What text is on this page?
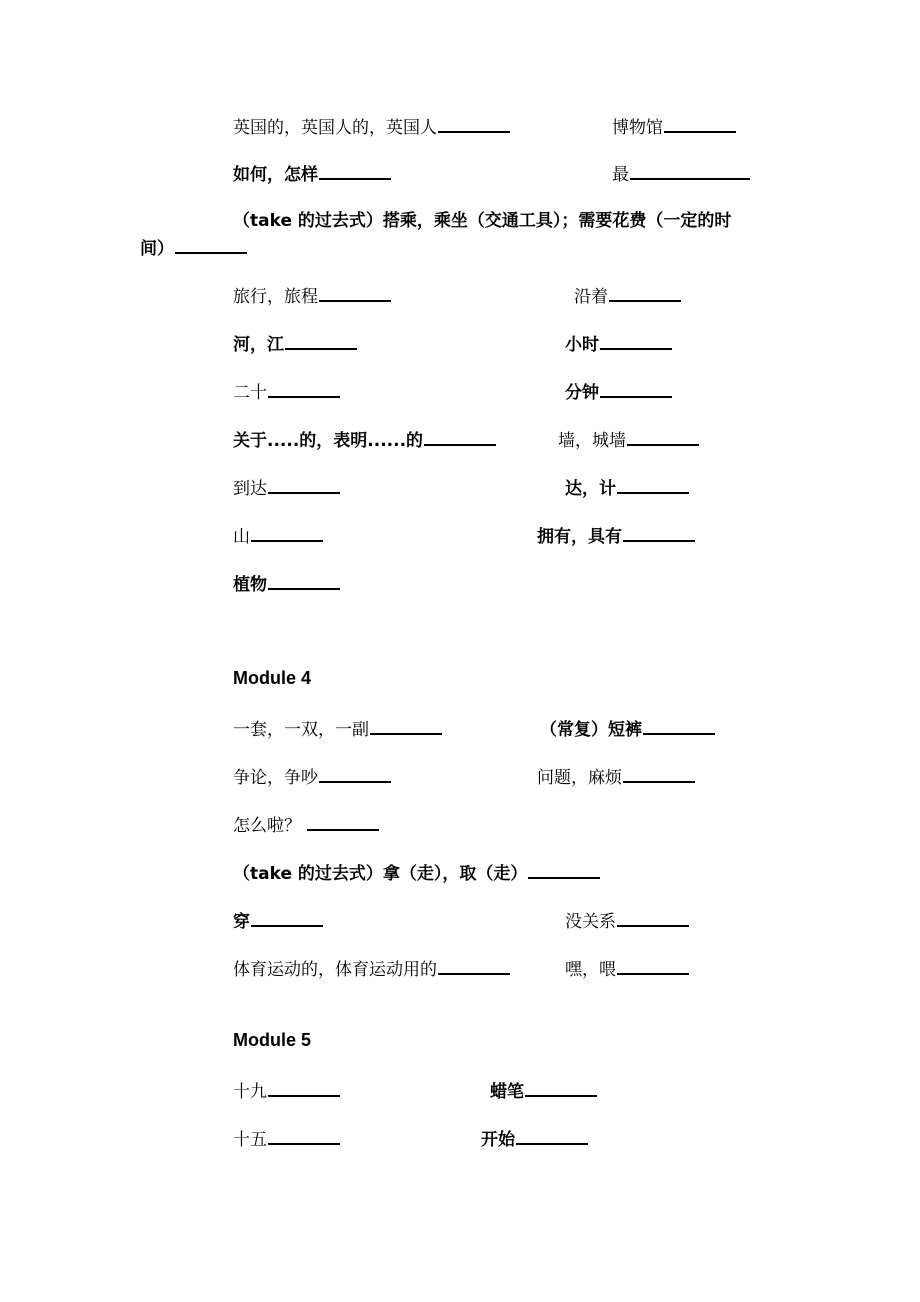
英国的，英国人的，英国人	博物馆
如何，怎样	最
（take 的过去式）搭乘，乘坐（交通工具）；需要花费（一定的时
间）
旅行，旅程	沿着
河，江	小时
二十	分钟
关于.....的，表明......的	墙，城墙
到达	达，计
山	拥有，具有
植物
Module 4
一套，一双，一副	（常复）短裤
争论，争吵	问题，麻烦
怎么啦？
（take 的过去式）拿（走），取（走）
穿	没关系
体育运动的，体育运动用的	嘿，喂
Module 5
十九	蜡笔
十五	开始
